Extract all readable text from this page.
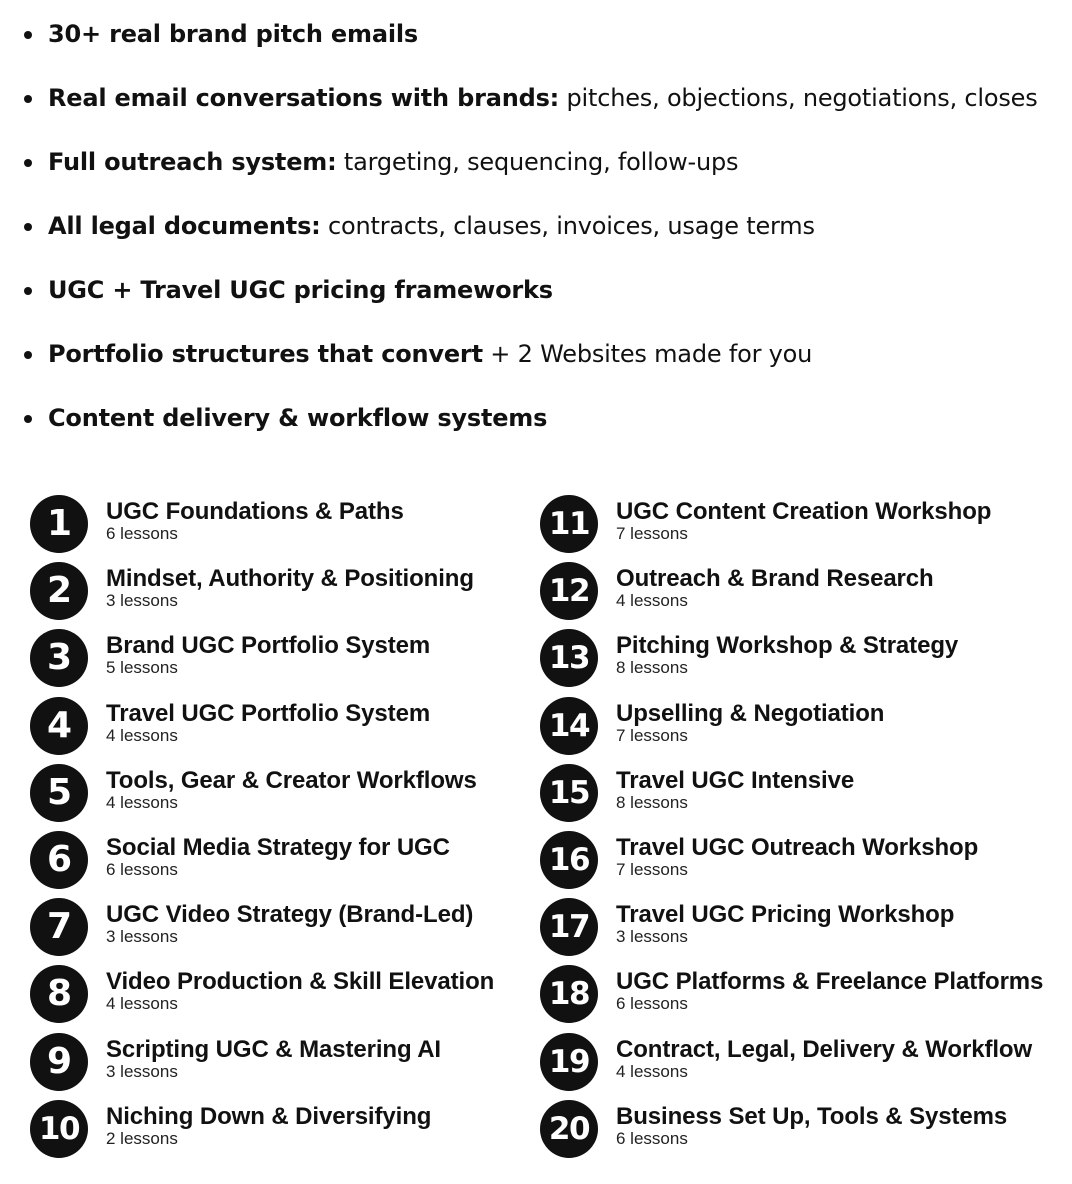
30+ real brand pitch emails
Real email conversations with brands: pitches, objections, negotiations, closes
Full outreach system: targeting, sequencing, follow-ups
All legal documents: contracts, clauses, invoices, usage terms
UGC + Travel UGC pricing frameworks
Portfolio structures that convert + 2 Websites made for you
Content delivery & workflow systems
1	UGC Foundations & Paths
6 lessons
2	Mindset, Authority & Positioning
3 lessons
3	Brand UGC Portfolio System
5 lessons
4	Travel UGC Portfolio System
4 lessons
5	Tools, Gear & Creator Workflows
4 lessons
6	Social Media Strategy for UGC
6 lessons
7	UGC Video Strategy (Brand-Led)
3 lessons
8	Video Production & Skill Elevation
4 lessons
9	Scripting UGC & Mastering AI
3 lessons
10	Niching Down & Diversifying
2 lessons
11	UGC Content Creation Workshop
7 lessons
12	Outreach & Brand Research
4 lessons
13	Pitching Workshop & Strategy
8 lessons
14	Upselling & Negotiation
7 lessons
15	Travel UGC Intensive
8 lessons
16	Travel UGC Outreach Workshop
7 lessons
17	Travel UGC Pricing Workshop
3 lessons
18	UGC Platforms & Freelance Platforms
6 lessons
19	Contract, Legal, Delivery & Workflow
4 lessons
20	Business Set Up, Tools & Systems
6 lessons
